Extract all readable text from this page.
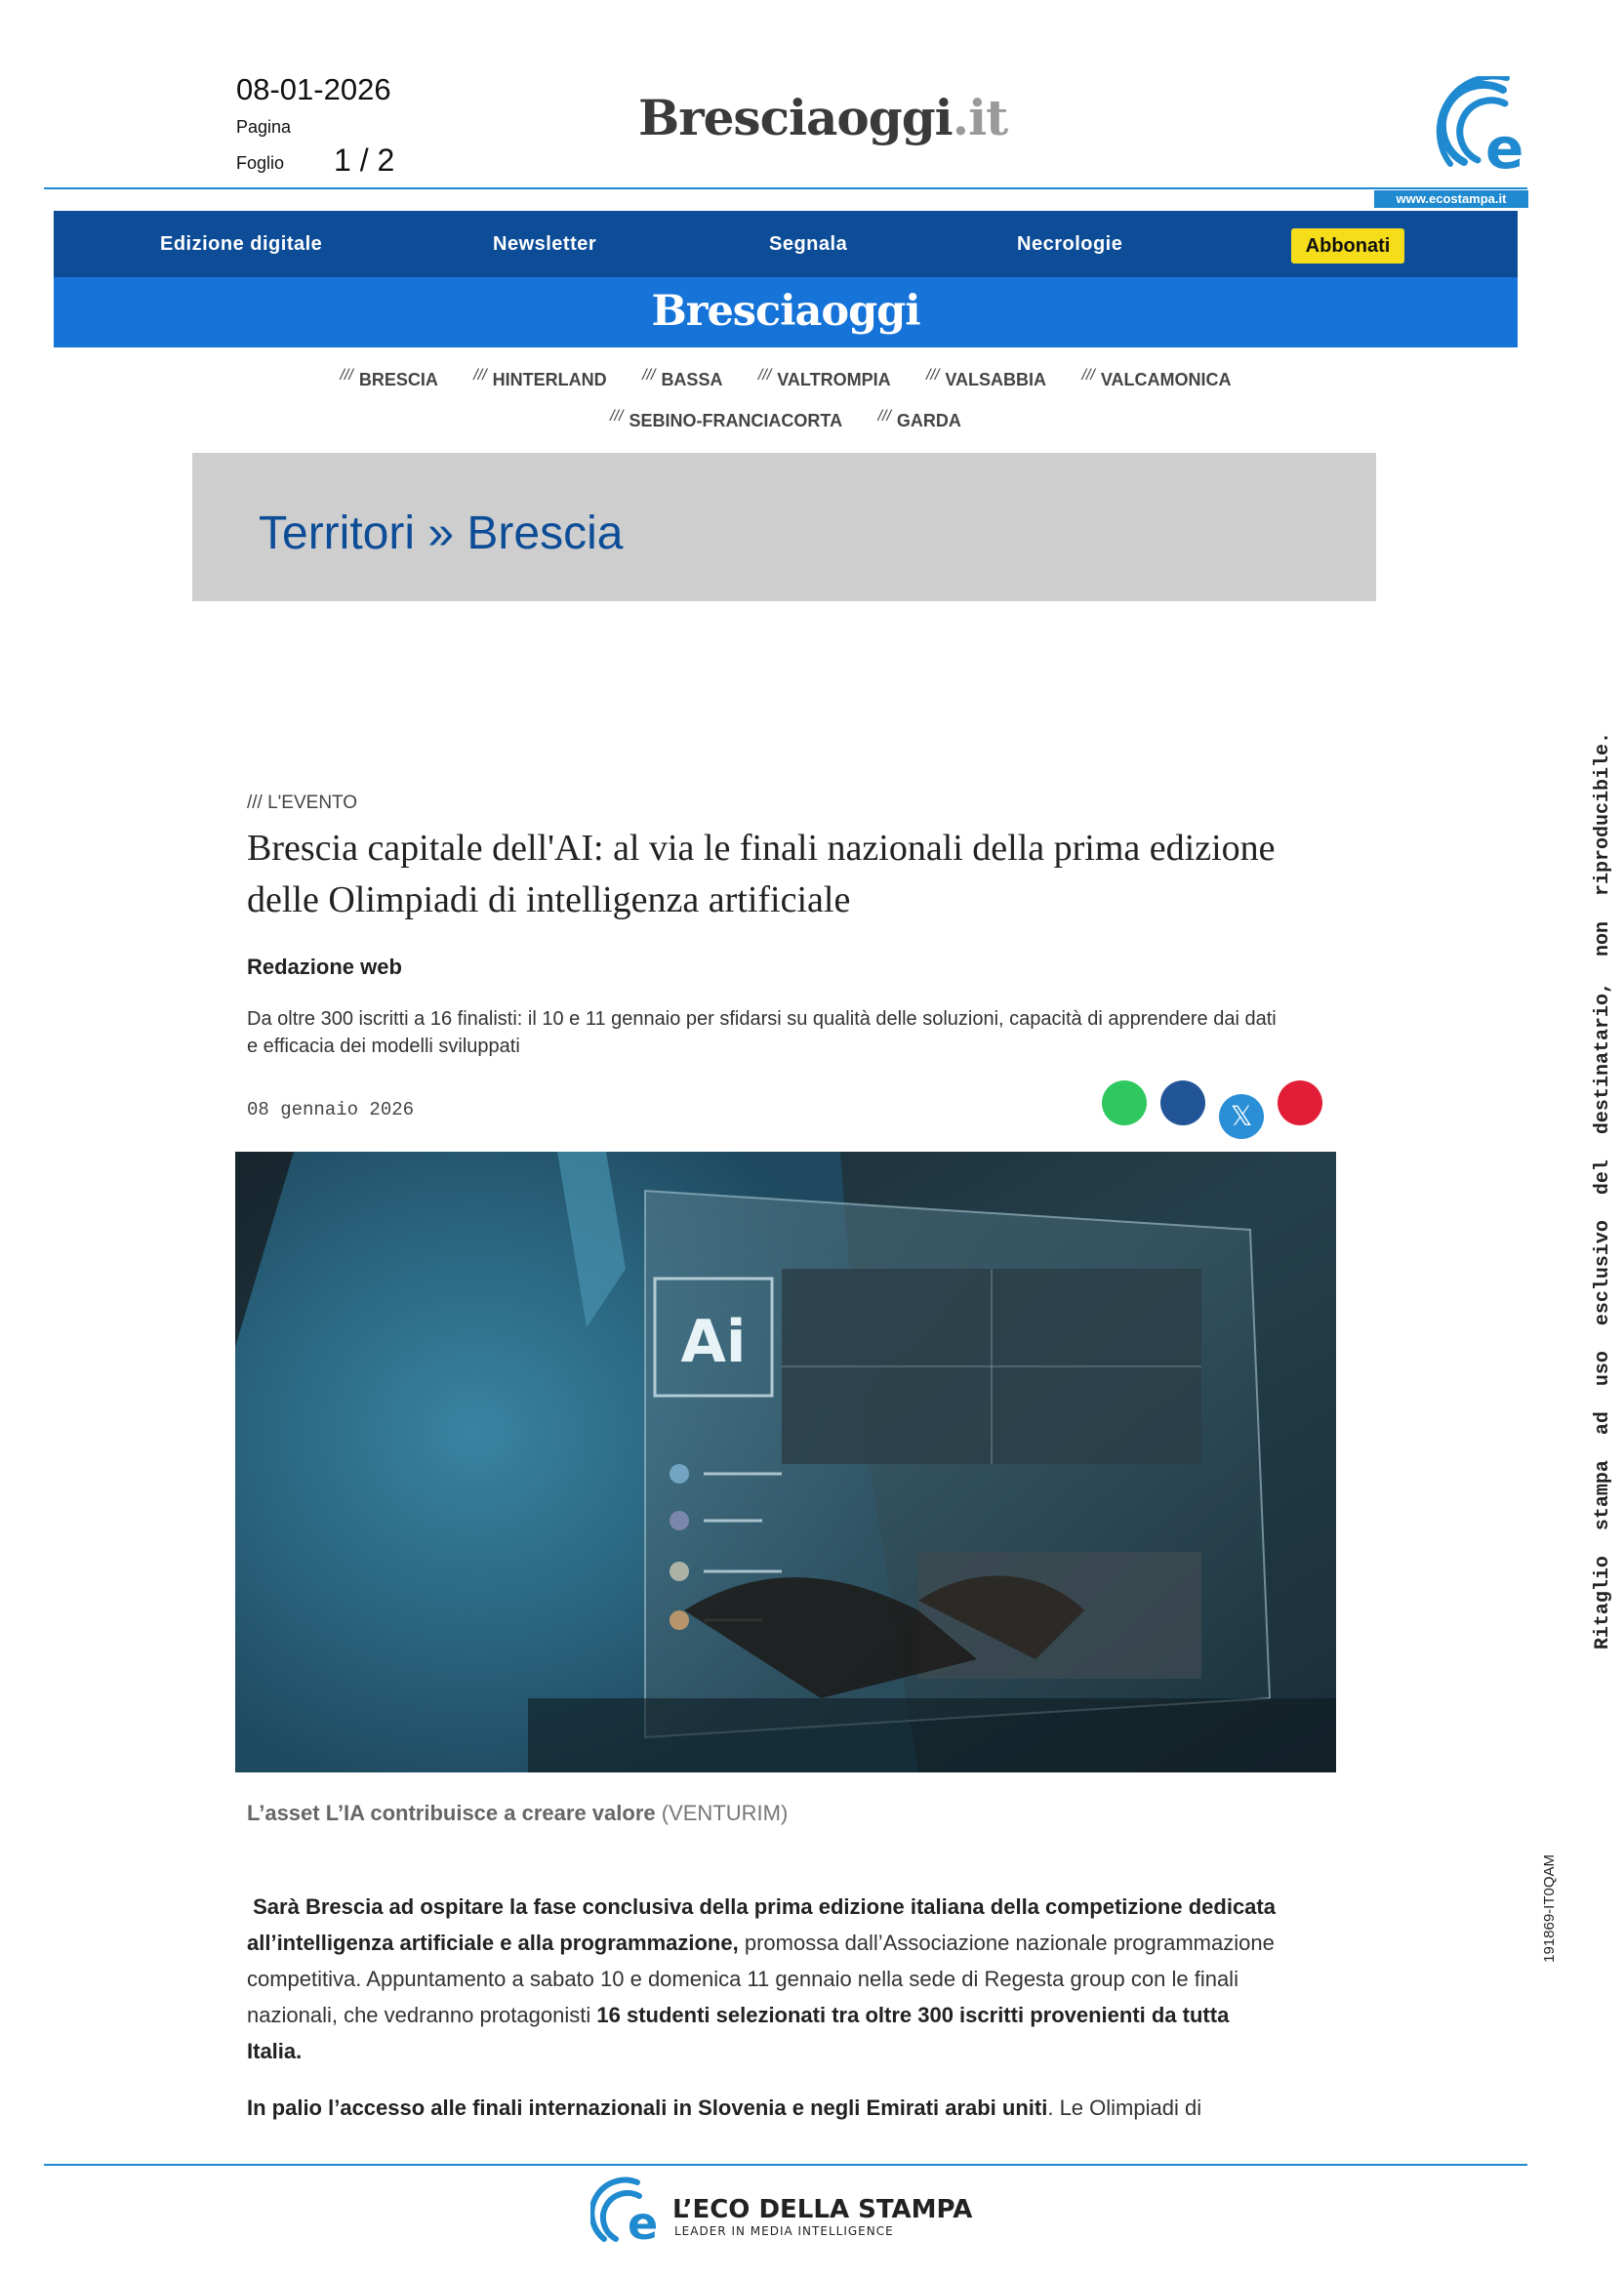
08-01-2026
Pagina
Foglio 1 / 2
Bresciaoggi.it	e
www.ecostampa.it
Edizione digitale	Newsletter	Segnala	Necrologie	Abbonati
Bresciaoggi
/// BRESCIA /// HINTERLAND /// BASSA /// VALTROMPIA /// VALSABBIA /// VALCAMONICA
/// SEBINO-FRANCIACORTA /// GARDA
Territori » Brescia
/// L'EVENTO
Brescia capitale dell'AI: al via le finali nazionali della prima edizione delle Olimpiadi di intelligenza artificiale
Redazione web
Da oltre 300 iscritti a 16 finalisti: il 10 e 11 gennaio per sfidarsi su qualità delle soluzioni, capacità di apprendere dai dati e efficacia dei modelli sviluppati
08 gennaio 2026	𝕏
Ai
L’asset L’IA contribuisce a creare valore (VENTURIM)
Sarà Brescia ad ospitare la fase conclusiva della prima edizione italiana della competizione dedicata all’intelligenza artificiale e alla programmazione, promossa dall’Associazione nazionale programmazione competitiva. Appuntamento a sabato 10 e domenica 11 gennaio nella sede di Regesta group con le finali nazionali, che vedranno protagonisti 16 studenti selezionati tra oltre 300 iscritti provenienti da tutta Italia.
In palio l’accesso alle finali internazionali in Slovenia e negli Emirati arabi uniti. Le Olimpiadi di
e L’ECO DELLA STAMPA
LEADER IN MEDIA INTELLIGENCE
Ritaglio stampa ad uso esclusivo del destinatario, non riproducibile.
191869-IT0QAM
